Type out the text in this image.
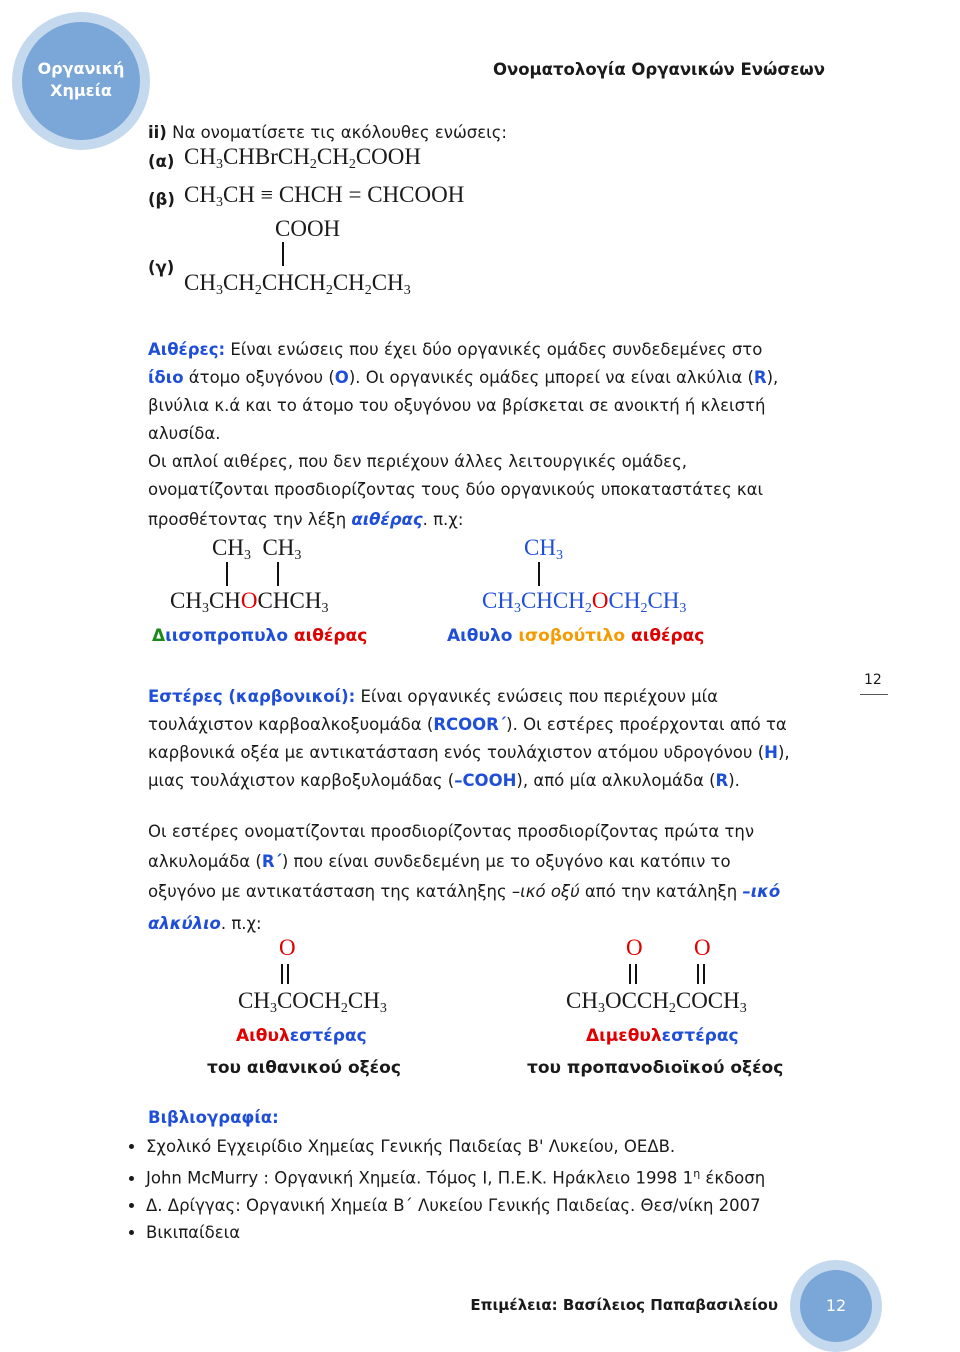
Οργανική
Χημεία
Ονοματολογία Οργανικών Ενώσεων
ii) Να ονοματίσετε τις ακόλουθες ενώσεις:
(α) $CH_3CHBrCH_2CH_2COOH$
(β) $CH_3CH$ ≡ CHCH = CHCOOH
COOH
(γ)
$CH_3CH_2CHCH_2CH_2CH_3$
Αιθέρες: Είναι ενώσεις που έχει δύο οργανικές ομάδες συνδεδεμένες στο
ίδιο άτομο οξυγόνου (O). Οι οργανικές ομάδες μπορεί να είναι αλκύλια (R),
βινύλια κ.ά και το άτομο του οξυγόνου να βρίσκεται σε ανοικτή ή κλειστή
αλυσίδα.
Οι απλοί αιθέρες, που δεν περιέχουν άλλες λειτουργικές ομάδες,
ονοματίζονται προσδιορίζοντας τους δύο οργανικούς υποκαταστάτες και
προσθέτοντας την λέξη αιθέρας. π.χ:
$CH_3$  $CH_3$
$CH_3CHOCHCH_3$
Διισοπροπυλο αιθέρας
$CH_3$
$CH_3CHCH_2OCH_2CH_3$
Αιθυλο ισοβούτιλο αιθέρας
Εστέρες (καρβονικοί): Είναι οργανικές ενώσεις που περιέχουν μία
12
τουλάχιστον καρβοαλκοξυομάδα (RCOOR΄). Οι εστέρες προέρχονται από τα
καρβονικά οξέα με αντικατάσταση ενός τουλάχιστον ατόμου υδρογόνου (H),
μιας τουλάχιστον καρβοξυλομάδας (–COOH), από μία αλκυλομάδα (R).
Οι εστέρες ονοματίζονται προσδιορίζοντας προσδιορίζοντας πρώτα την
αλκυλομάδα (R΄) που είναι συνδεδεμένη με το οξυγόνο και κατόπιν το
οξυγόνο με αντικατάσταση της κατάληξης –ικό οξύ από την κατάληξη –ικό
αλκύλιο. π.χ:
O
$CH_3COCH_2CH_3$
Αιθυλεστέρας
του αιθανικού οξέος
O O
$CH_3OCCH_2COCH_3$
Διμεθυλεστέρας
του προπανοδιοϊκού οξέος
Βιβλιογραφία:
• Σχολικό Εγχειρίδιο Χημείας Γενικής Παιδείας Β' Λυκείου, ΟΕΔΒ.
• John McMurry : Οργανική Χημεία. Τόμος Ι, Π.Ε.Κ. Ηράκλειο 1998 $1^\eta$ έκδοση
• Δ. Δρίγγας: Οργανική Χημεία Β΄ Λυκείου Γενικής Παιδείας. Θεσ/νίκη 2007
• Βικιπαίδεια
Επιμέλεια: Βασίλειος Παπαβασιλείου	12
